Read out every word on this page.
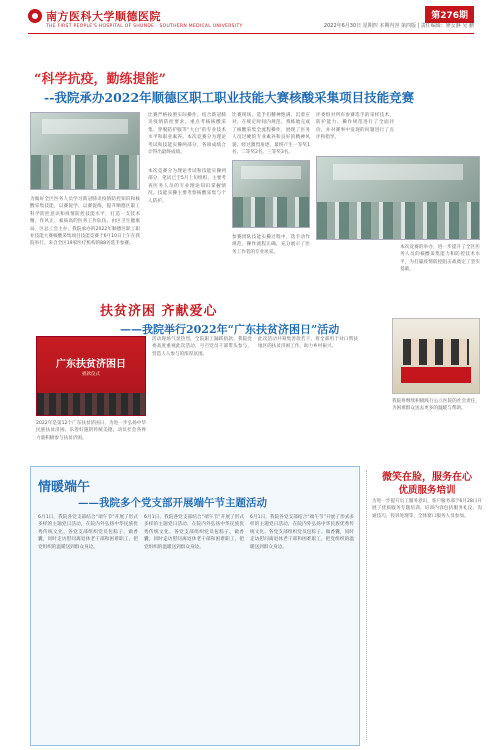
南方医科大学顺德医院
THE FIRST PEOPLE'S HOSPITAL OF SHUNDE · SOUTHERN MEDICAL UNIVERSITY
第276期
2022年6月30日 星期四 本期内容 第四版 | 责任编辑：廖女静 吴 鹏
“科学抗疫，勤练提能”
--我院承办2022年顺德区职工职业技能大赛核酸采集项目技能竞赛
为做好全区医务人员学习新冠肺炎疫情防控知识和核酸采集技能，以赛促学、以赛促练，提升顺德区职工科学防控意识和疫情防控技能水平，打造一支技术精、作风正、素质高的医务工作队伍。由区卫生健康局、区总工会主办，我院承办的2022年顺德区职工职业技能大赛核酸采集项目技能竞赛于6月10日上午在我院举行。来自全区19家医疗机构的88名选手参赛。
比赛严格按照实际操作，结合新冠肺炎疫情防控要求，重点考核核酸采集、穿脱防护服等“大白”的专业技术水平和职业素养。本次竞赛分为理论考试和技能实操两部分，各项成绩合计得出最终成绩。
本次竞赛分为理论考试和技能实操两部分，笔试已于5月上旬组织，主要考查医务人员的专业理论知识掌握情况。技能实操主要考察核酸采集与个人防护。
比赛现场，选手们精神饱满、沉着应对，在规定时间内规范、熟练地完成了核酸采集全流程操作，展现了医务人员过硬的专业素养和良好的精神风貌。经过激烈角逐，最终产生一等奖1名、二等奖2名、三等奖3名。
参赛团队技能实操过程中，选手动作规范，操作流程正确，充分展示了医务工作者的专业风采。
评委组对所有参赛选手的采样技术、防护能力、操作规范进行了全面评价，并对赛事中发现的问题进行了点评和指导。
本次竞赛的举办，进一步提升了全区医务人员的核酸采集能力和防控技术水平，为打赢疫情防控阻击战奠定了坚实基础。
扶贫济困 齐献爱心
——我院举行2022年“广东扶贫济困日”活动
广东扶贫济困日
捐款仪式
2022年是第12个广东扶贫济困日，为进一步弘扬中华民族扶贫济困、乐善好施的传统美德，动员社会各界力量积极参与扶贫济困。
活动现场气氛热烈，全院职工踊跃捐款。我院党委高度重视此次活动，号召党员干部带头参与，营造人人参与的浓厚氛围。
此次活动共筹集善款若干，将全部用于对口帮扶地区的扶贫济困工作，助力乡村振兴。
我院将继续积极践行公立医院的社会责任，为困难群众送去更多的温暖与帮助。
情暖端午
——我院多个党支部开展端午节主题活动
6月1日，我院各党支部结合“端午节”开展了形式多样的主题党日活动，在院内外弘扬中华民族优秀传统文化。各党支部组织党员包粽子、做香囊，同时走访慰问离退休老干部和困难职工，把党组织的温暖送到群众身边。
6月1日，我院各党支部结合“端午节”开展了形式多样的主题党日活动，在院内外弘扬中华民族优秀传统文化。各党支部组织党员包粽子、做香囊，同时走访慰问离退休老干部和困难职工，把党组织的温暖送到群众身边。
6月1日，我院各党支部结合“端午节”开展了形式多样的主题党日活动，在院内外弘扬中华民族优秀传统文化。各党支部组织党员包粽子、做香囊，同时走访慰问离退休老干部和困难职工，把党组织的温暖送到群众身边。
微笑在脸，服务在心
优质服务培训
为进一步提升员工服务意识，客户服务部于6月28日开展了优质服务专题培训。培训内容包括服务礼仪、沟通技巧、投诉处理等，全体窗口服务人员参加。
